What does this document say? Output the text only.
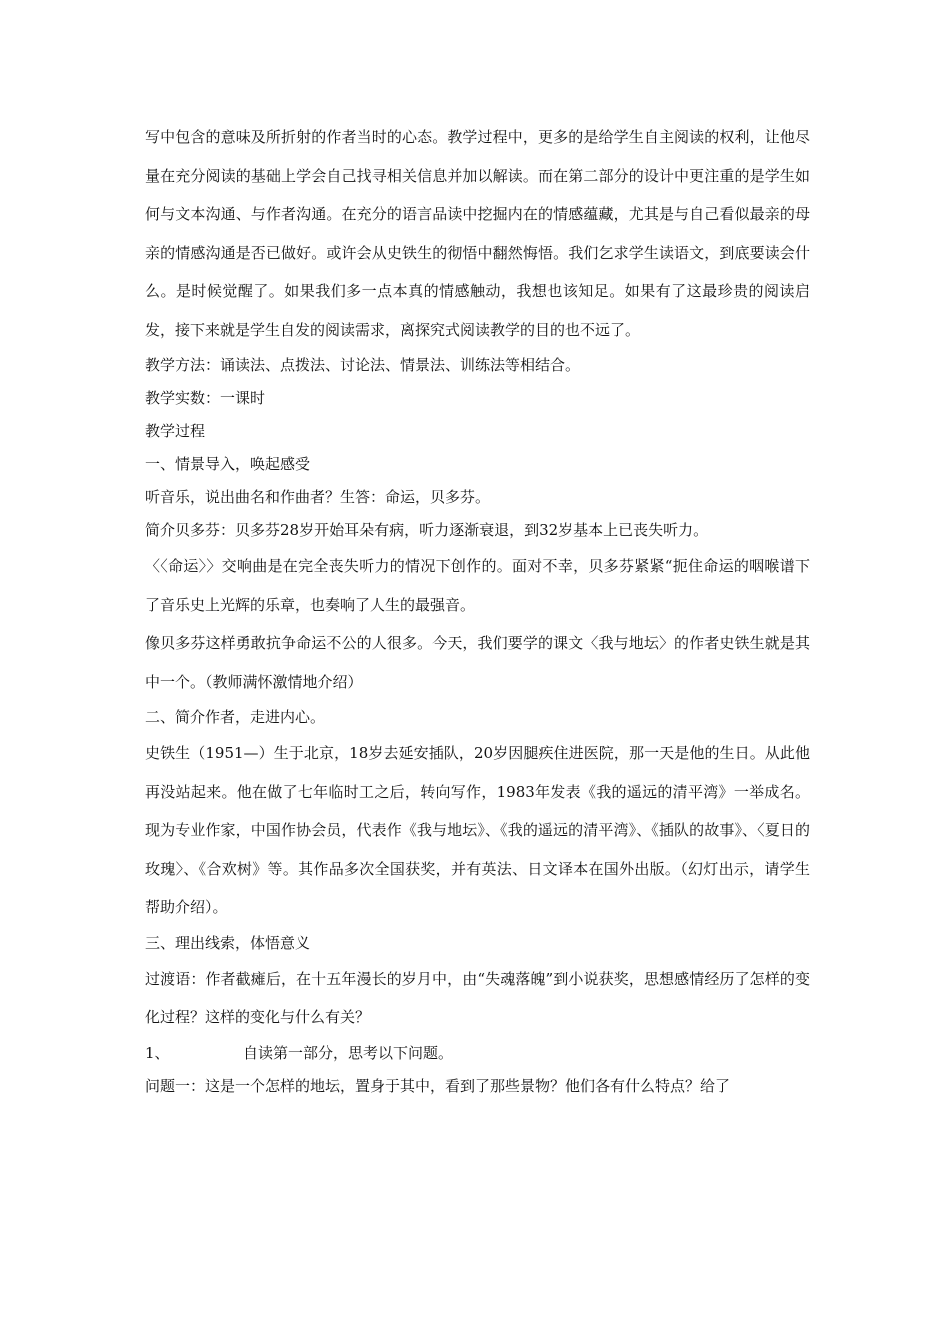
写中包含的意味及所折射的作者当时的心态。教学过程中，更多的是给学生自主阅读的权利，让他尽量在充分阅读的基础上学会自己找寻相关信息并加以解读。而在第二部分的设计中更注重的是学生如何与文本沟通、与作者沟通。在充分的语言品读中挖掘内在的情感蕴藏，尤其是与自己看似最亲的母亲的情感沟通是否已做好。或许会从史铁生的彻悟中翻然悔悟。我们乞求学生读语文，到底要读会什么。是时候觉醒了。如果我们多一点本真的情感触动，我想也该知足。如果有了这最珍贵的阅读启发，接下来就是学生自发的阅读需求，离探究式阅读教学的目的也不远了。

教学方法：诵读法、点拨法、讨论法、情景法、训练法等相结合。

教学实数：一课时

教学过程

一、情景导入，唤起感受

听音乐，说出曲名和作曲者？生答：命运，贝多芬。

简介贝多芬：贝多芬28岁开始耳朵有病，听力逐渐衰退，到32岁基本上已丧失听力。

〈〈命运〉〉交响曲是在完全丧失听力的情况下创作的。面对不幸，贝多芬紧紧“扼住命运的咽喉谱下了音乐史上光辉的乐章，也奏响了人生的最强音。

像贝多芬这样勇敢抗争命运不公的人很多。今天，我们要学的课文〈我与地坛〉的作者史铁生就是其中一个。（教师满怀激情地介绍）

二、简介作者，走进内心。

史铁生（1951—）生于北京，18岁去延安插队，20岁因腿疾住进医院，那一天是他的生日。从此他再没站起来。他在做了七年临时工之后，转向写作，1983年发表《我的遥远的清平湾》一举成名。现为专业作家，中国作协会员，代表作《我与地坛》、《我的遥远的清平湾》、《插队的故事》、〈夏日的玫瑰〉、《合欢树》等。其作品多次全国获奖，并有英法、日文译本在国外出版。（幻灯出示，请学生帮助介绍）。

三、理出线索，体悟意义

过渡语：作者截瘫后，在十五年漫长的岁月中，由“失魂落魄”到小说获奖，思想感情经历了怎样的变化过程？这样的变化与什么有关？

1、	自读第一部分，思考以下问题。

问题一：这是一个怎样的地坛，置身于其中，看到了那些景物？他们各有什么特点？给了
